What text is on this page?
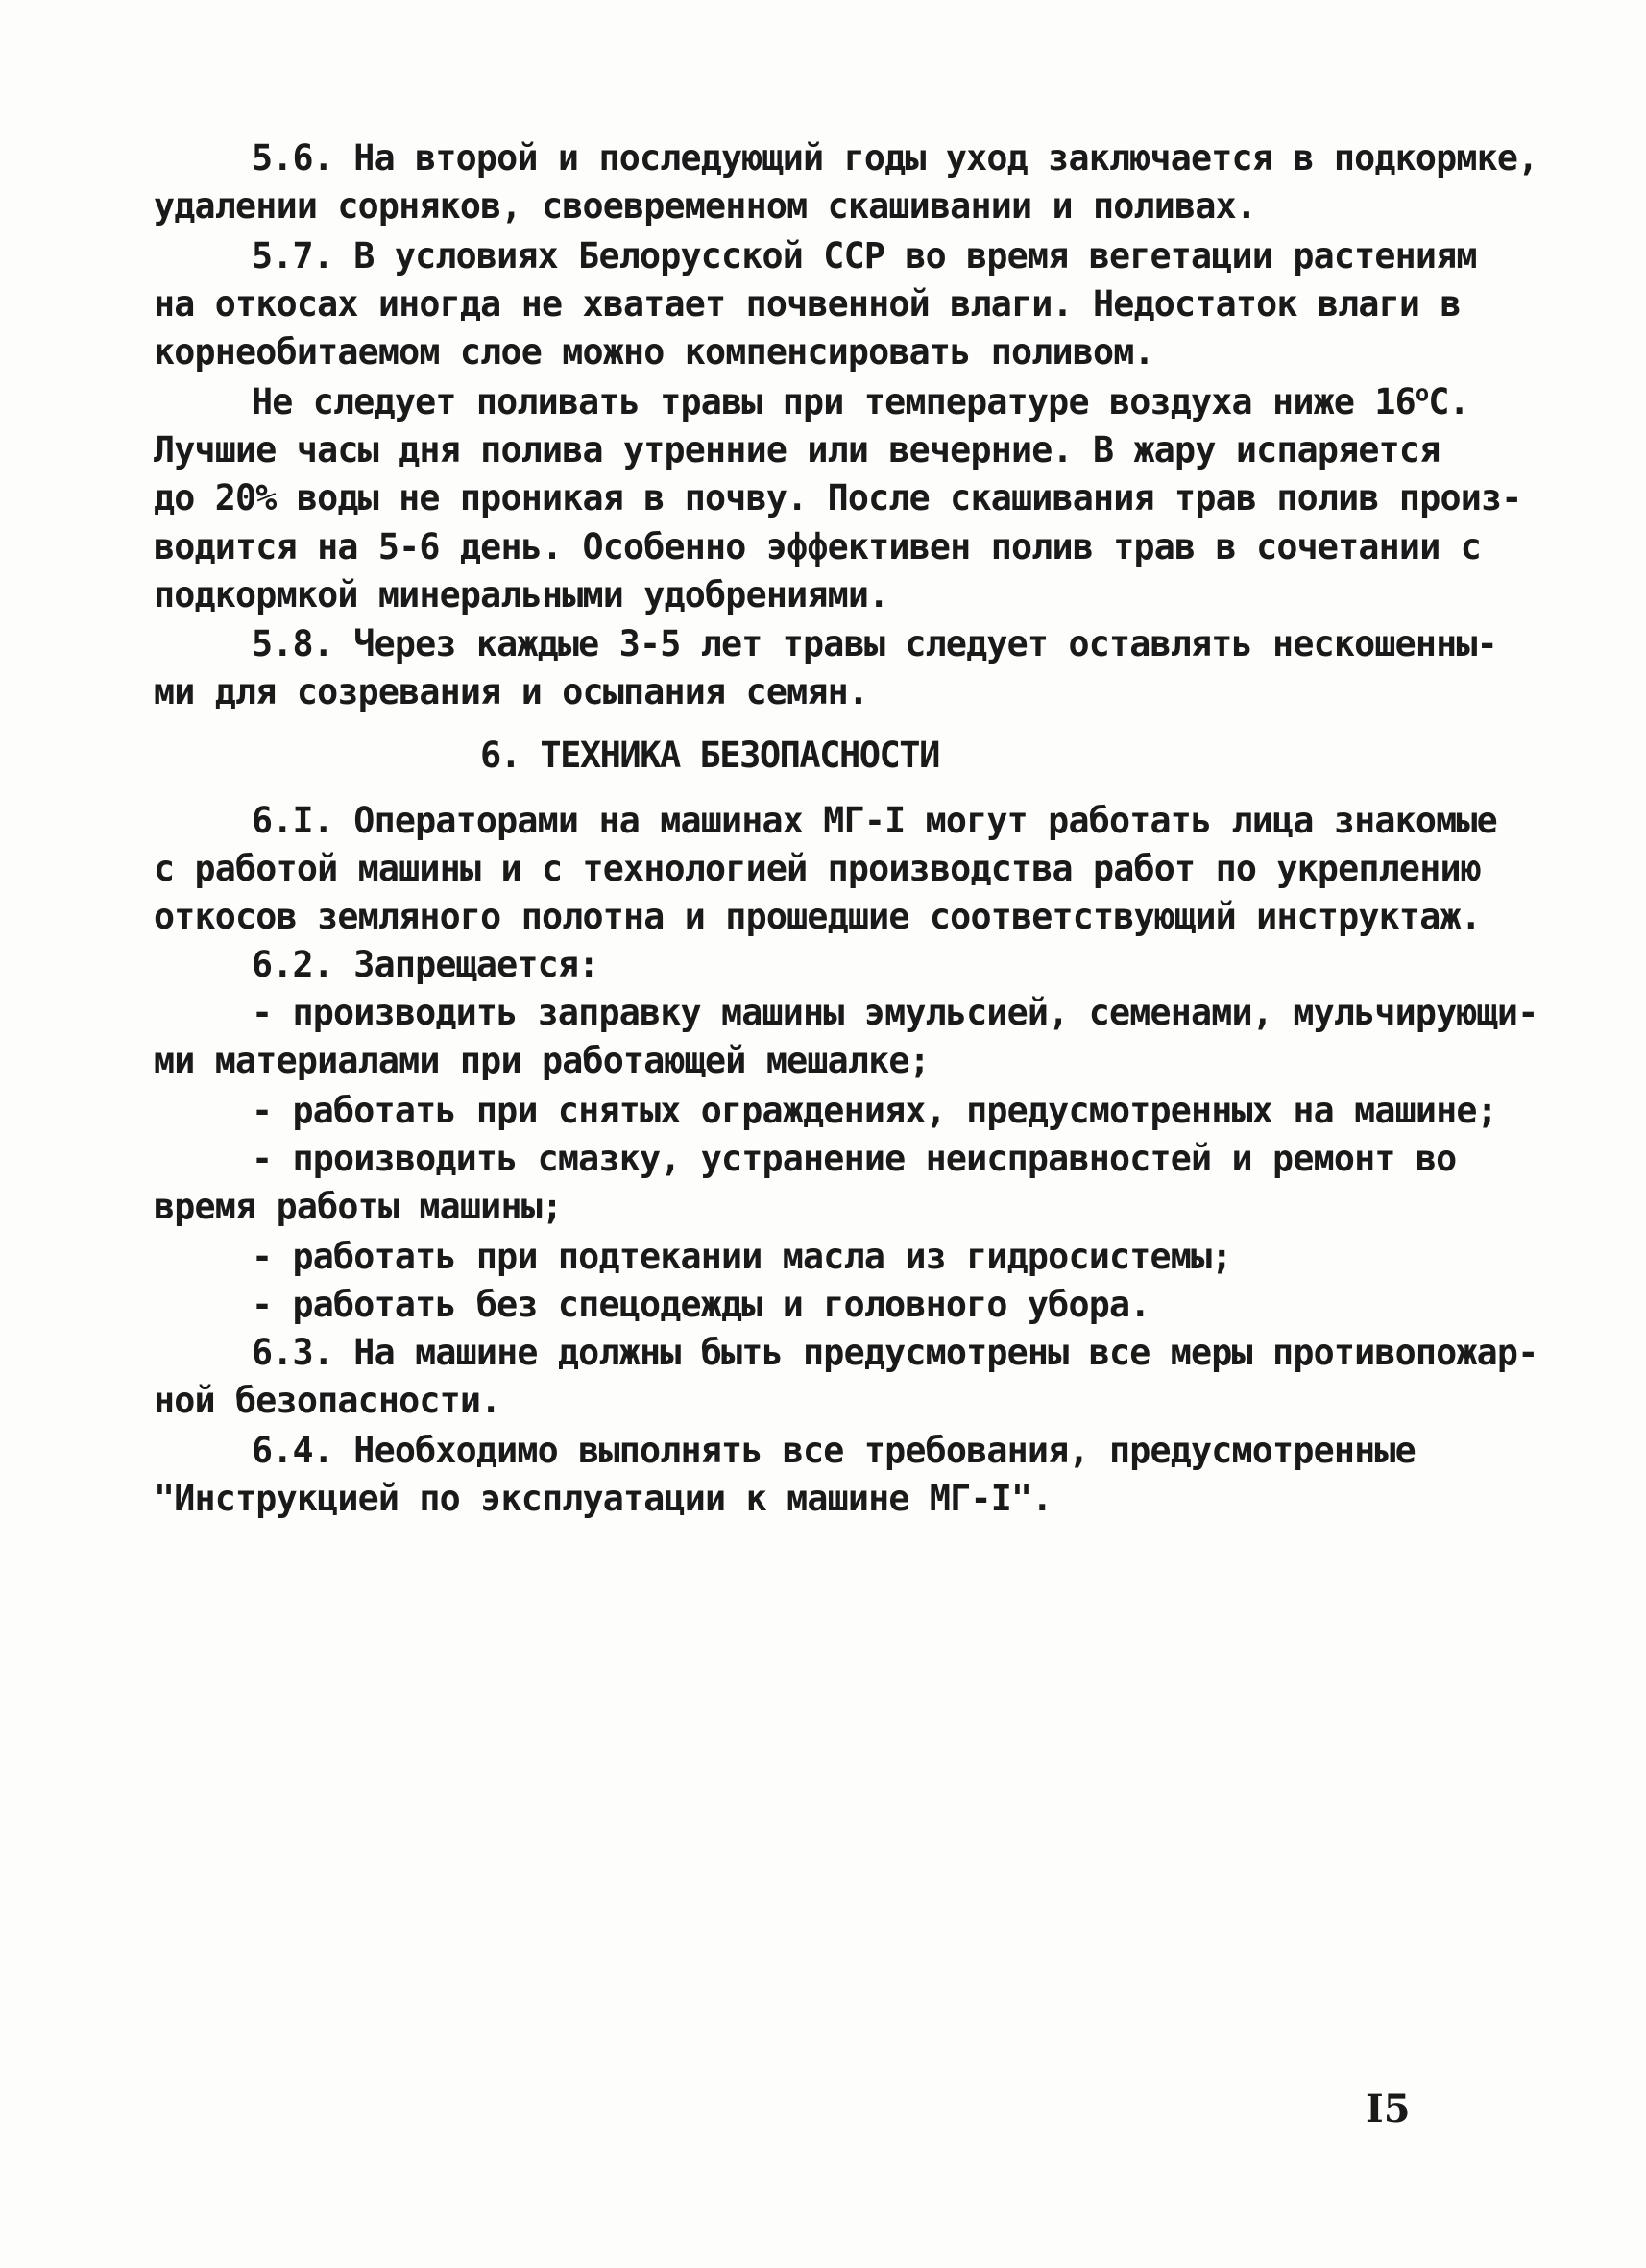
5.6. На второй и последующий годы уход заключается в подкормке,
удалении сорняков, своевременном скашивании и поливах.
5.7. В условиях Белорусской ССР во время вегетации растениям
на откосах иногда не хватает почвенной влаги. Недостаток влаги в
корнеобитаемом слое можно компенсировать поливом.
Не следует поливать травы при температуре воздуха ниже $16^оС$.
Лучшие часы дня полива утренние или вечерние. В жару испаряется
до 20% воды не проникая в почву. После скашивания трав полив произ-
водится на 5-6 день. Особенно эффективен полив трав в сочетании с
подкормкой минеральными удобрениями.
5.8. Через каждые 3-5 лет травы следует оставлять нескошенны-
ми для созревания и осыпания семян.
6. ТЕХНИКА БЕЗОПАСНОСТИ
6.I. Операторами на машинах МГ-I могут работать лица знакомые
с работой машины и с технологией производства работ по укреплению
откосов земляного полотна и прошедшие соответствующий инструктаж.
6.2. Запрещается:
- производить заправку машины эмульсией, семенами, мульчирующи-
ми материалами при работающей мешалке;
- работать при снятых ограждениях, предусмотренных на машине;
- производить смазку, устранение неисправностей и ремонт во
время работы машины;
- работать при подтекании масла из гидросистемы;
- работать без спецодежды и головного убора.
6.3. На машине должны быть предусмотрены все меры противопожар-
ной безопасности.
6.4. Необходимо выполнять все требования, предусмотренные
"Инструкцией по эксплуатации к машине МГ-I".
I5
